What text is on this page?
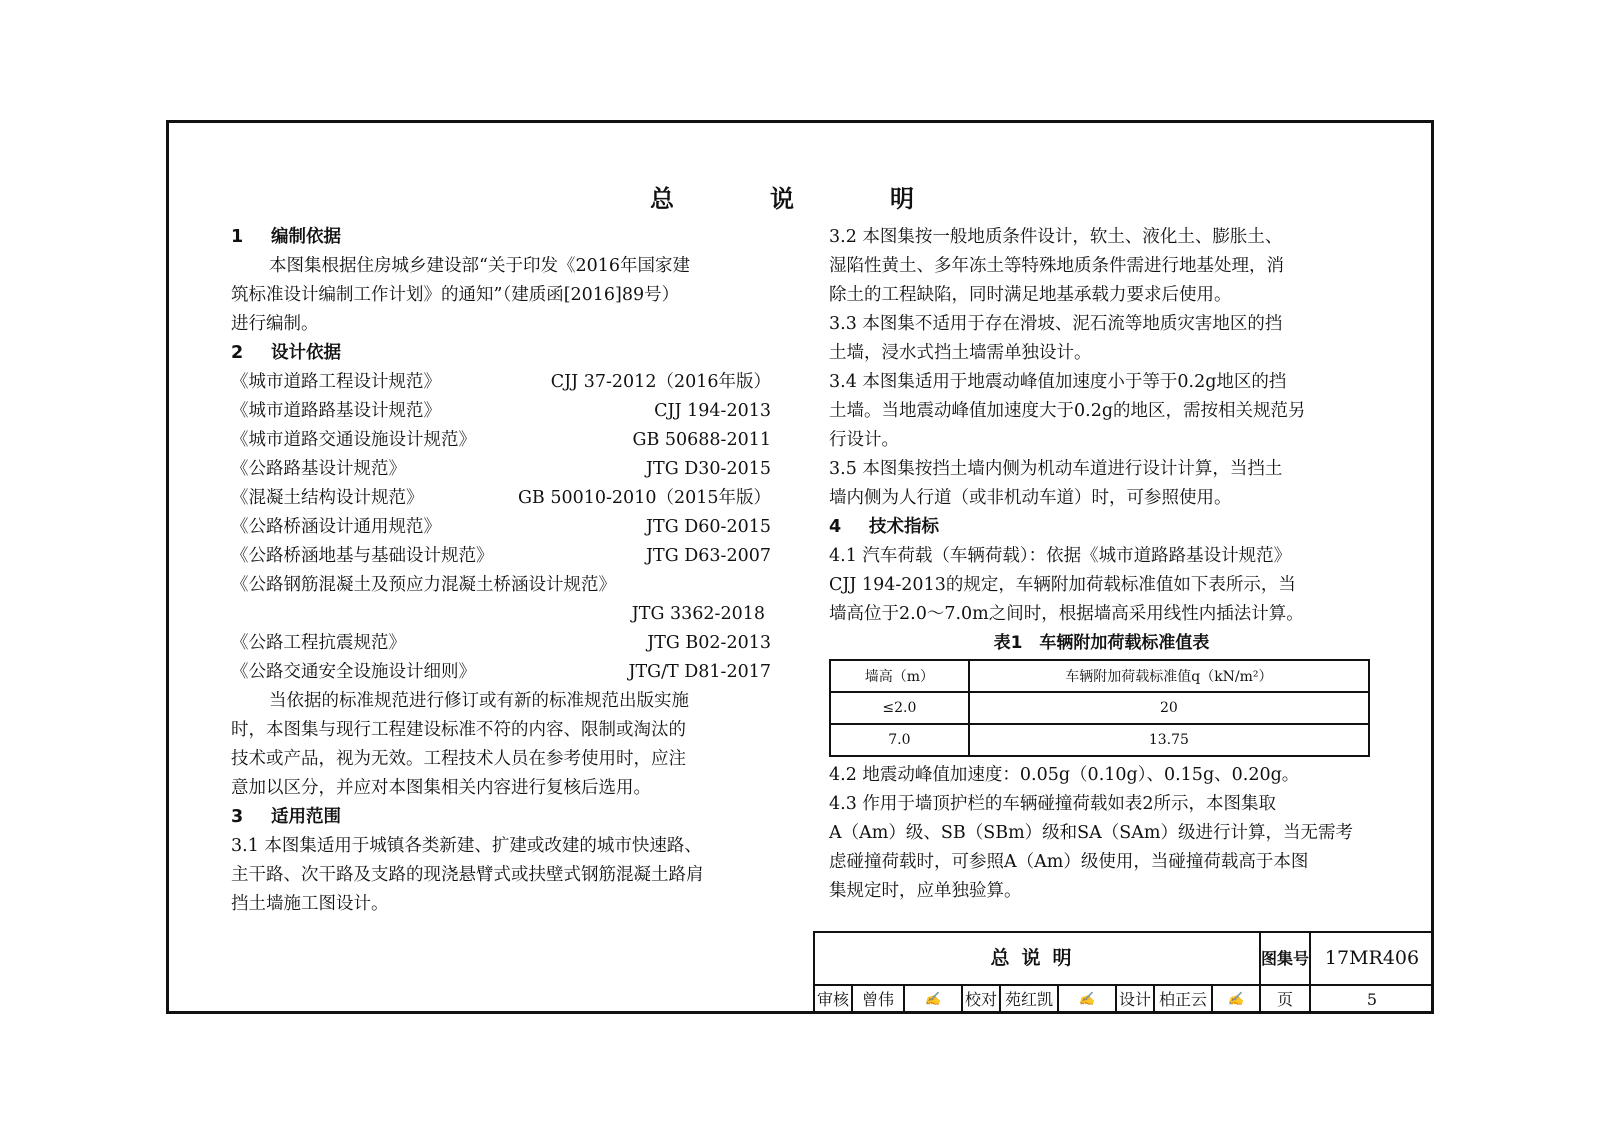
总　说　明
1 编制依据
本图集根据住房城乡建设部“关于印发《2016年国家建
筑标准设计编制工作计划》的通知”（建质函[2016]89号）
进行编制。
2 设计依据
《城市道路工程设计规范》	CJJ 37-2012（2016年版）
《城市道路路基设计规范》	CJJ 194-2013
《城市道路交通设施设计规范》	GB 50688-2011
《公路路基设计规范》	JTG D30-2015
《混凝土结构设计规范》	GB 50010-2010（2015年版）
《公路桥涵设计通用规范》	JTG D60-2015
《公路桥涵地基与基础设计规范》	JTG D63-2007
《公路钢筋混凝土及预应力混凝土桥涵设计规范》
JTG 3362-2018
《公路工程抗震规范》	JTG B02-2013
《公路交通安全设施设计细则》	JTG/T D81-2017
当依据的标准规范进行修订或有新的标准规范出版实施
时，本图集与现行工程建设标准不符的内容、限制或淘汰的
技术或产品，视为无效。工程技术人员在参考使用时，应注
意加以区分，并应对本图集相关内容进行复核后选用。
3 适用范围
3.1 本图集适用于城镇各类新建、扩建或改建的城市快速路、
主干路、次干路及支路的现浇悬臂式或扶壁式钢筋混凝土路肩
挡土墙施工图设计。
3.2 本图集按一般地质条件设计，软土、液化土、膨胀土、
湿陷性黄土、多年冻土等特殊地质条件需进行地基处理，消
除土的工程缺陷，同时满足地基承载力要求后使用。
3.3 本图集不适用于存在滑坡、泥石流等地质灾害地区的挡
土墙，浸水式挡土墙需单独设计。
3.4 本图集适用于地震动峰值加速度小于等于0.2g地区的挡
土墙。当地震动峰值加速度大于0.2g的地区，需按相关规范另
行设计。
3.5 本图集按挡土墙内侧为机动车道进行设计计算，当挡土
墙内侧为人行道（或非机动车道）时，可参照使用。
4 技术指标
4.1 汽车荷载（车辆荷载）：依据《城市道路路基设计规范》
CJJ 194-2013的规定，车辆附加荷载标准值如下表所示，当
墙高位于2.0～7.0m之间时，根据墙高采用线性内插法计算。
表1　车辆附加荷载标准值表
墙高（m）	车辆附加荷载标准值q（kN/m²）
≤2.0	20
7.0	13.75
4.2 地震动峰值加速度：0.05g（0.10g）、0.15g、0.20g。
4.3 作用于墙顶护栏的车辆碰撞荷载如表2所示，本图集取
A（Am）级、SB（SBm）级和SA（SAm）级进行计算，当无需考
虑碰撞荷载时，可参照A（Am）级使用，当碰撞荷载高于本图
集规定时，应单独验算。
总说明	图集号 17MR406
审核 曾伟	✍	校对 苑红凯	✍	设计 柏正云	✍	页	5
